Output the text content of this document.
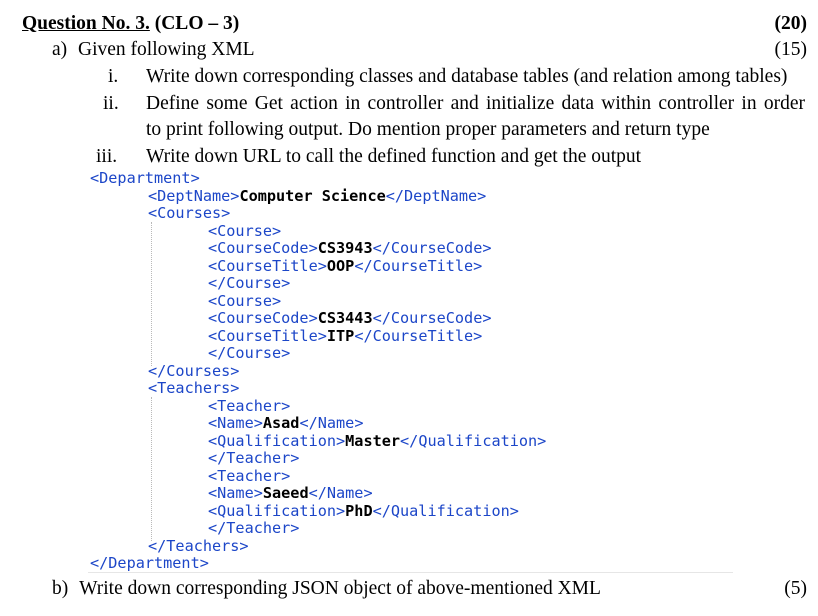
Question No. 3. (CLO – 3)	(20)
a) Given following XML	(15)
i.	Write down corresponding classes and database tables (and relation among tables)
ii.	Define some Get action in controller and initialize data within controller in order
to print following output. Do mention proper parameters and return type
iii.	Write down URL to call the defined function and get the output
<Department>
<DeptName>Computer Science</DeptName>
<Courses>
<Course>
<CourseCode>CS3943</CourseCode>
<CourseTitle>OOP</CourseTitle>
</Course>
<Course>
<CourseCode>CS3443</CourseCode>
<CourseTitle>ITP</CourseTitle>
</Course>
</Courses>
<Teachers>
<Teacher>
<Name>Asad</Name>
<Qualification>Master</Qualification>
</Teacher>
<Teacher>
<Name>Saeed</Name>
<Qualification>PhD</Qualification>
</Teacher>
</Teachers>
</Department>
b) Write down corresponding JSON object of above-mentioned XML	(5)
